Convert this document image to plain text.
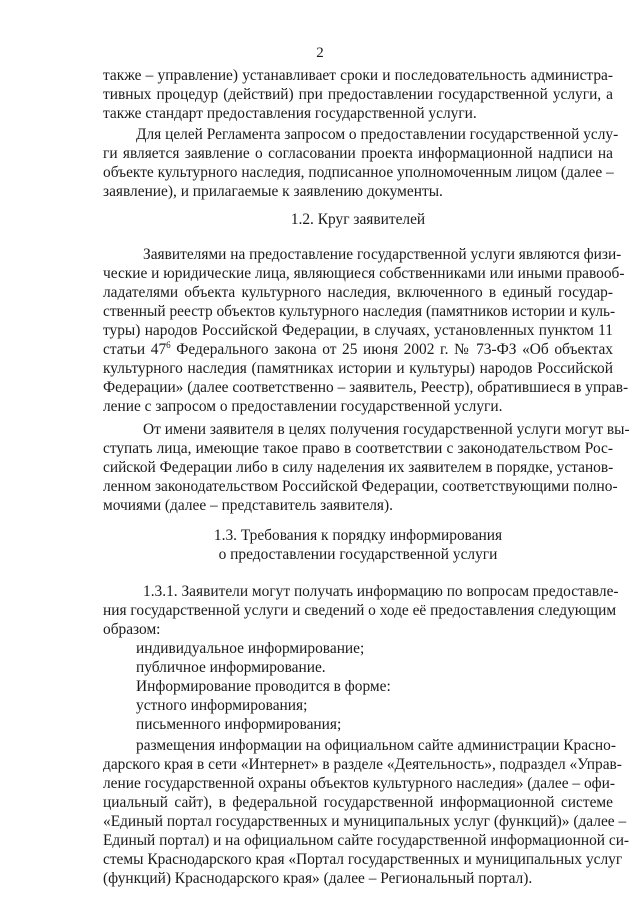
2
также – управление) устанавливает сроки и последовательность администра-
тивных процедур (действий) при предоставлении государственной услуги, а
также стандарт предоставления государственной услуги.
Для целей Регламента запросом о предоставлении государственной услу-
ги является заявление о согласовании проекта информационной надписи на
объекте культурного наследия, подписанное уполномоченным лицом (далее –
заявление), и прилагаемые к заявлению документы.
1.2. Круг заявителей
Заявителями на предоставление государственной услуги являются физи-
ческие и юридические лица, являющиеся собственниками или иными правооб-
ладателями объекта культурного наследия, включенного в единый государ-
ственный реестр объектов культурного наследия (памятников истории и куль-
туры) народов Российской Федерации, в случаях, установленных пунктом 11
статьи $47^6$ Федерального закона от 25 июня 2002 г. № 73-ФЗ «Об объектах
культурного наследия (памятниках истории и культуры) народов Российской
Федерации» (далее соответственно – заявитель, Реестр), обратившиеся в управ-
ление с запросом о предоставлении государственной услуги.
От имени заявителя в целях получения государственной услуги могут вы-
ступать лица, имеющие такое право в соответствии с законодательством Рос-
сийской Федерации либо в силу наделения их заявителем в порядке, установ-
ленном законодательством Российской Федерации, соответствующими полно-
мочиями (далее – представитель заявителя).
1.3. Требования к порядку информирования
о предоставлении государственной услуги
1.3.1. Заявители могут получать информацию по вопросам предоставле-
ния государственной услуги и сведений о ходе её предоставления следующим
образом:
индивидуальное информирование;
публичное информирование.
Информирование проводится в форме:
устного информирования;
письменного информирования;
размещения информации на официальном сайте администрации Красно-
дарского края в сети «Интернет» в разделе «Деятельность», подраздел «Управ-
ление государственной охраны объектов культурного наследия» (далее – офи-
циальный сайт), в федеральной государственной информационной системе
«Единый портал государственных и муниципальных услуг (функций)» (далее –
Единый портал) и на официальном сайте государственной информационной си-
стемы Краснодарского края «Портал государственных и муниципальных услуг
(функций) Краснодарского края» (далее – Региональный портал).
